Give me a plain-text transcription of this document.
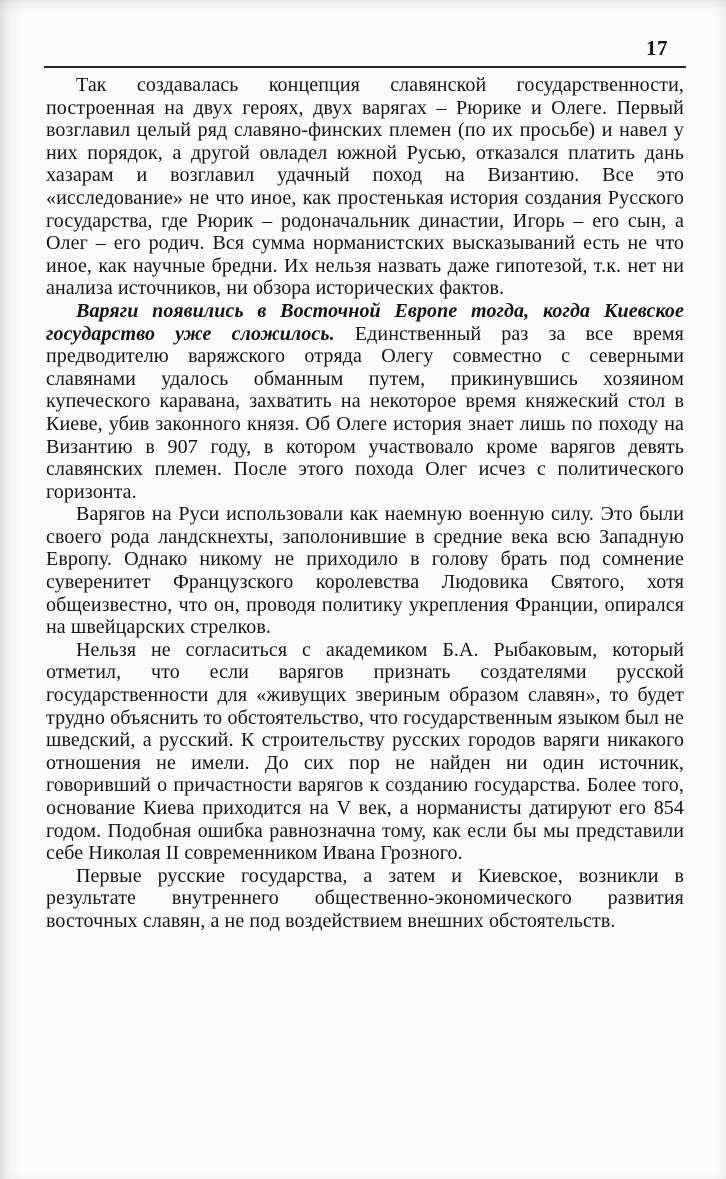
17

Так создавалась концепция славянской государственности, построенная на двух героях, двух варягах – Рюрике и Олеге. Первый возглавил целый ряд славяно-финских племен (по их просьбе) и навел у них порядок, а другой овладел южной Русью, отказался платить дань хазарам и возглавил удачный поход на Византию. Все это «исследование» не что иное, как простенькая история создания Русского государства, где Рюрик – родоначальник династии, Игорь – его сын, а Олег – его родич. Вся сумма норманистских высказываний есть не что иное, как научные бредни. Их нельзя назвать даже гипотезой, т.к. нет ни анализа источников, ни обзора исторических фактов.

Варяги появились в Восточной Европе тогда, когда Киевское государство уже сложилось. Единственный раз за все время предводителю варяжского отряда Олегу совместно с северными славянами удалось обманным путем, прикинувшись хозяином купеческого каравана, захватить на некоторое время княжеский стол в Киеве, убив законного князя. Об Олеге история знает лишь по походу на Византию в 907 году, в котором участвовало кроме варягов девять славянских племен. После этого похода Олег исчез с политического горизонта.

Варягов на Руси использовали как наемную военную силу. Это были своего рода ландскнехты, заполонившие в средние века всю Западную Европу. Однако никому не приходило в голову брать под сомнение суверенитет Французского королевства Людовика Святого, хотя общеизвестно, что он, проводя политику укрепления Франции, опирался на швейцарских стрелков.

Нельзя не согласиться с академиком Б.А. Рыбаковым, который отметил, что если варягов признать создателями русской государственности для «живущих звериным образом славян», то будет трудно объяснить то обстоятельство, что государственным языком был не шведский, а русский. К строительству русских городов варяги никакого отношения не имели. До сих пор не найден ни один источник, говоривший о причастности варягов к созданию государства. Более того, основание Киева приходится на V век, а норманисты датируют его 854 годом. Подобная ошибка равнозначна тому, как если бы мы представили себе Николая II современником Ивана Грозного.

Первые русские государства, а затем и Киевское, возникли в результате внутреннего общественно-экономического развития восточных славян, а не под воздействием внешних обстоятельств.
